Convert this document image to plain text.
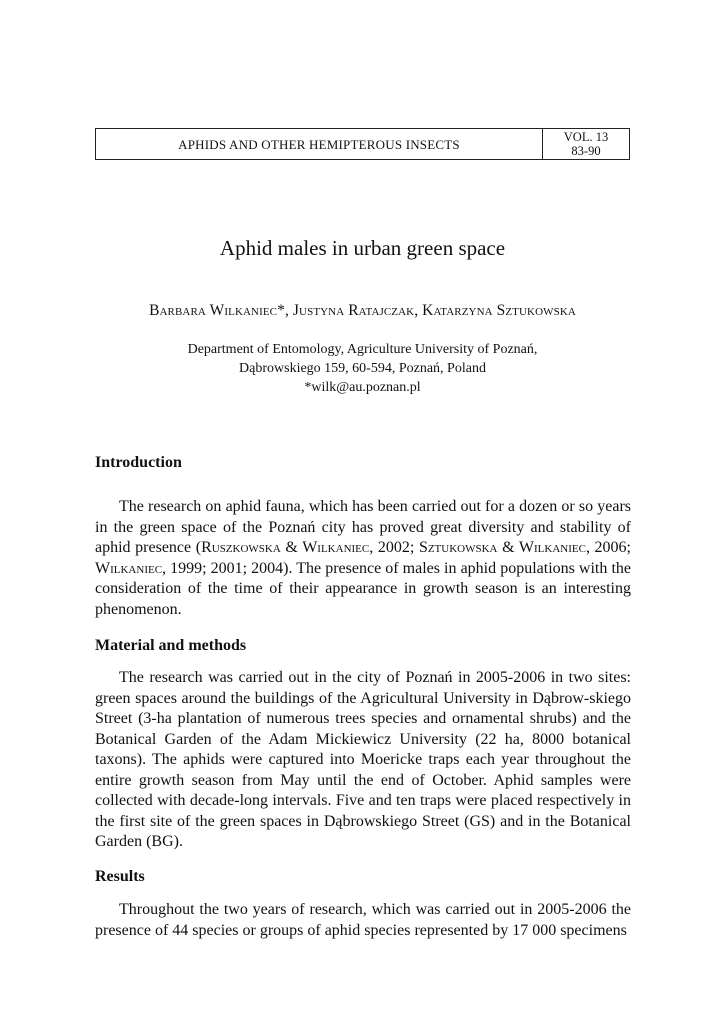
APHIDS AND OTHER HEMIPTEROUS INSECTS	VOL. 13
83-90
Aphid males in urban green space
Barbara Wilkaniec*, Justyna Ratajczak, Katarzyna Sztukowska
Department of Entomology, Agriculture University of Poznań,
Dąbrowskiego 159, 60-594, Poznań, Poland
*wilk@au.poznan.pl
Introduction

The research on aphid fauna, which has been carried out for a dozen or so years in the green space of the Poznań city has proved great diversity and stability of aphid presence (Ruszkowska & Wilkaniec, 2002; Sztukowska & Wilkaniec, 2006; Wilkaniec, 1999; 2001; 2004). The presence of males in aphid populations with the consideration of the time of their appearance in growth season is an interesting phenomenon.

Material and methods

The research was carried out in the city of Poznań in 2005-2006 in two sites: green spaces around the buildings of the Agricultural University in Dąbrow-skiego Street (3-ha plantation of numerous trees species and ornamental shrubs) and the Botanical Garden of the Adam Mickiewicz University (22 ha, 8000 botanical taxons). The aphids were captured into Moericke traps each year throughout the entire growth season from May until the end of October. Aphid samples were collected with decade-long intervals. Five and ten traps were placed respectively in the first site of the green spaces in Dąbrowskiego Street (GS) and in the Botanical Garden (BG).

Results

Throughout the two years of research, which was carried out in 2005-2006 the presence of 44 species or groups of aphid species represented by 17 000 specimens
